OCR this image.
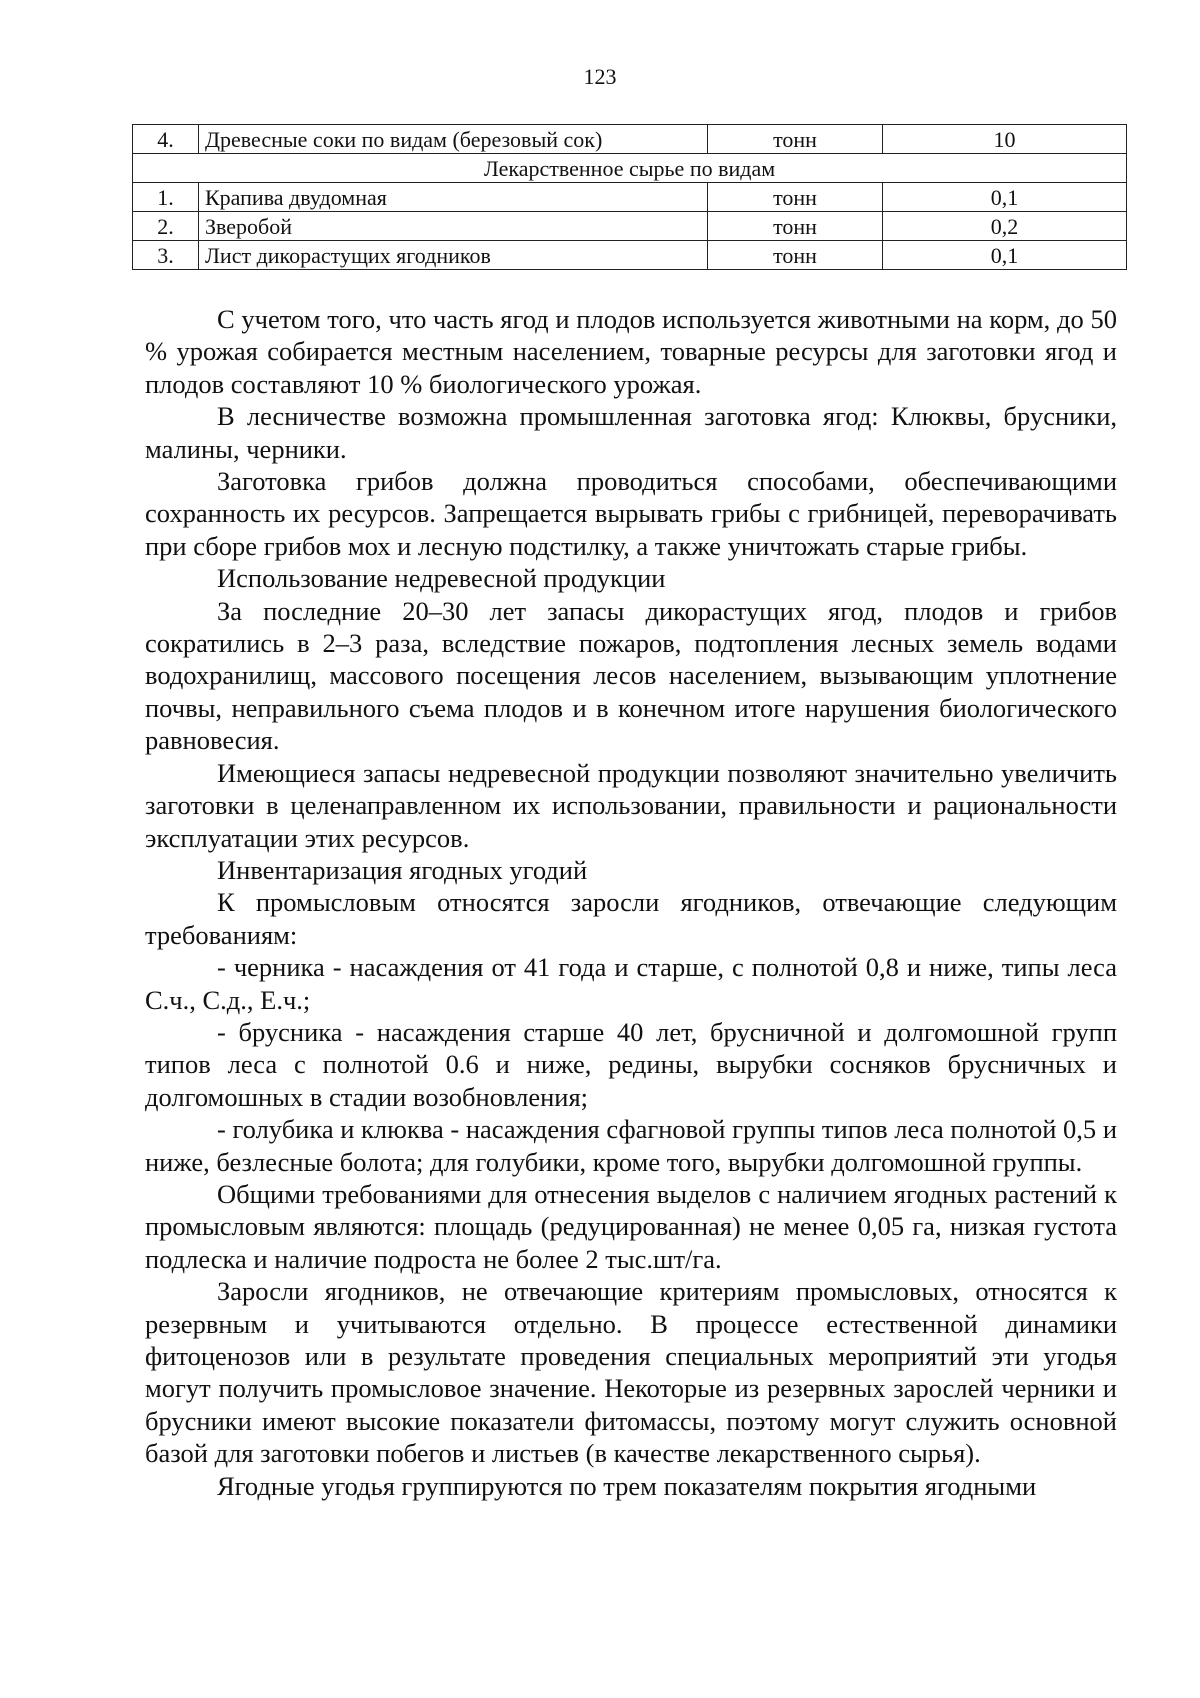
123
4.	Древесные соки по видам (березовый сок)	тонн	10
Лекарственное сырье по видам			
1.	Крапива двудомная	тонн	0,1
2.	Зверобой	тонн	0,2
3.	Лист дикорастущих ягодников	тонн	0,1

С учетом того, что часть ягод и плодов используется животными на корм, до 50 % урожая собирается местным населением, товарные ресурсы для заготовки ягод и плодов составляют 10 % биологического урожая.

В лесничестве возможна промышленная заготовка ягод: Клюквы, брусники, малины, черники.

Заготовка грибов должна проводиться способами, обеспечивающими сохранность их ресурсов. Запрещается вырывать грибы с грибницей, переворачивать при сборе грибов мох и лесную подстилку, а также уничтожать старые грибы.

Использование недревесной продукции

За последние 20–30 лет запасы дикорастущих ягод, плодов и грибов сократились в 2–3 раза, вследствие пожаров, подтопления лесных земель водами водохранилищ, массового посещения лесов населением, вызывающим уплотнение почвы, неправильного съема плодов и в конечном итоге нарушения биологического равновесия.

Имеющиеся запасы недревесной продукции позволяют значительно увеличить заготовки в целенаправленном их использовании, правильности и рациональности эксплуатации этих ресурсов.

Инвентаризация ягодных угодий

К промысловым относятся заросли ягодников, отвечающие следующим требованиям:

- черника - насаждения от 41 года и старше, с полнотой 0,8 и ниже, типы леса С.ч., С.д., Е.ч.;

- брусника - насаждения старше 40 лет, брусничной и долгомошной групп типов леса с полнотой 0.6 и ниже, редины, вырубки сосняков брусничных и долгомошных в стадии возобновления;

- голубика и клюква - насаждения сфагновой группы типов леса полнотой 0,5 и ниже, безлесные болота; для голубики, кроме того, вырубки долгомошной группы.

Общими требованиями для отнесения выделов с наличием ягодных растений к промысловым являются: площадь (редуцированная) не менее 0,05 га, низкая густота подлеска и наличие подроста не более 2 тыс.шт/га.

Заросли ягодников, не отвечающие критериям промысловых, относятся к резервным и учитываются отдельно. В процессе естественной динамики фитоценозов или в результате проведения специальных мероприятий эти угодья могут получить промысловое значение. Некоторые из резервных зарослей черники и брусники имеют высокие показатели фитомассы, поэтому могут служить основной базой для заготовки побегов и листьев (в качестве лекарственного сырья).

Ягодные угодья группируются по трем показателям покрытия ягодными
